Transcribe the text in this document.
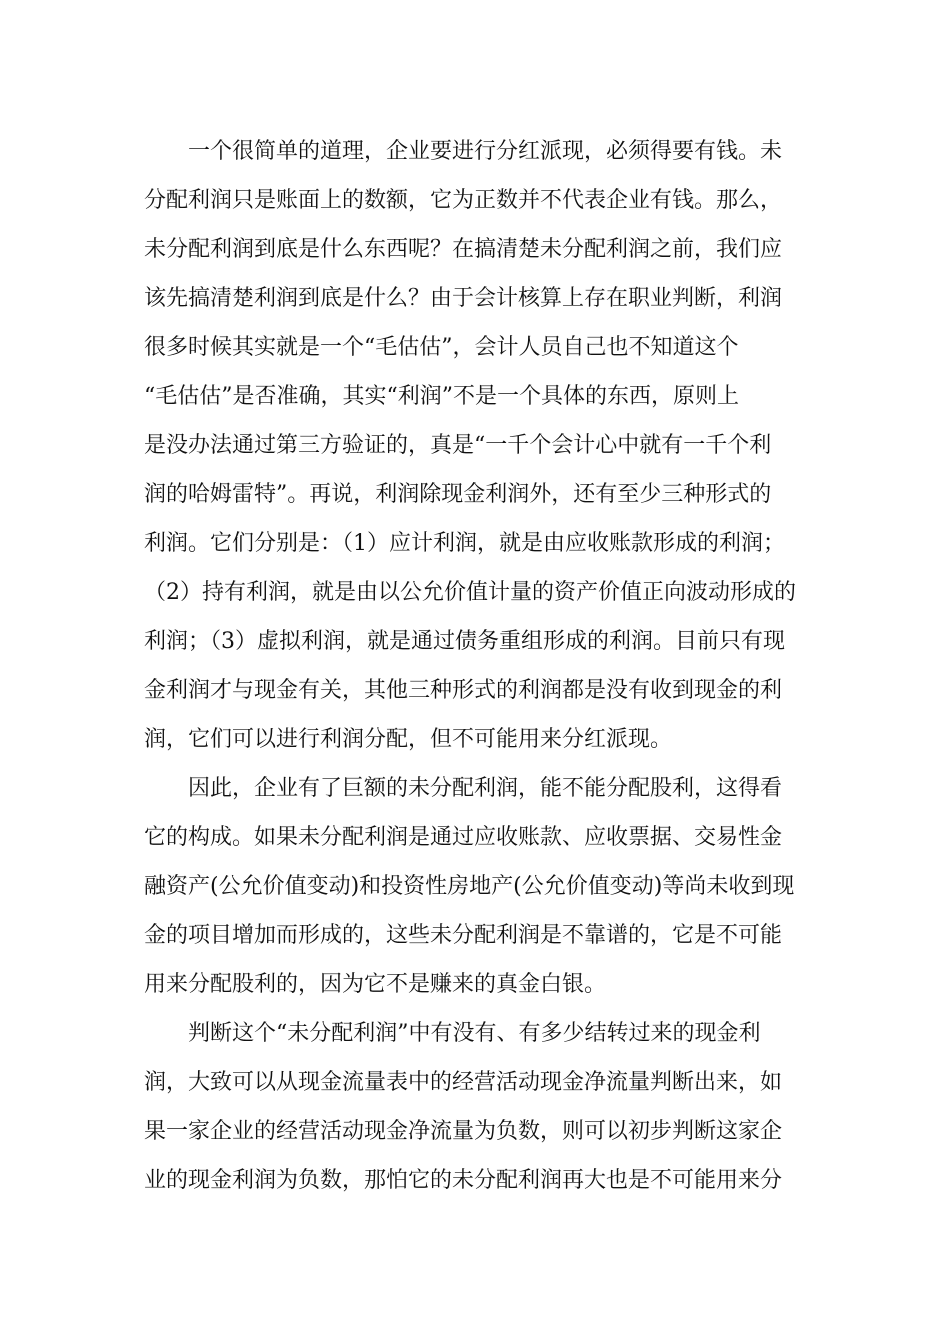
　　一个很简单的道理，企业要进行分红派现，必须得要有钱。未
分配利润只是账面上的数额，它为正数并不代表企业有钱。那么，
未分配利润到底是什么东西呢？在搞清楚未分配利润之前，我们应
该先搞清楚利润到底是什么？由于会计核算上存在职业判断，利润
很多时候其实就是一个“毛估估”，会计人员自己也不知道这个
“毛估估”是否准确，其实“利润”不是一个具体的东西，原则上
是没办法通过第三方验证的，真是“一千个会计心中就有一千个利
润的哈姆雷特”。再说，利润除现金利润外，还有至少三种形式的
利润。它们分别是：（1）应计利润，就是由应收账款形成的利润；
（2）持有利润，就是由以公允价值计量的资产价值正向波动形成的
利润；（3）虚拟利润，就是通过债务重组形成的利润。目前只有现
金利润才与现金有关，其他三种形式的利润都是没有收到现金的利
润，它们可以进行利润分配，但不可能用来分红派现。
　　因此，企业有了巨额的未分配利润，能不能分配股利，这得看
它的构成。如果未分配利润是通过应收账款、应收票据、交易性金
融资产(公允价值变动)和投资性房地产(公允价值变动)等尚未收到现
金的项目增加而形成的，这些未分配利润是不靠谱的，它是不可能
用来分配股利的，因为它不是赚来的真金白银。
　　判断这个“未分配利润”中有没有、有多少结转过来的现金利
润，大致可以从现金流量表中的经营活动现金净流量判断出来，如
果一家企业的经营活动现金净流量为负数，则可以初步判断这家企
业的现金利润为负数，那怕它的未分配利润再大也是不可能用来分
